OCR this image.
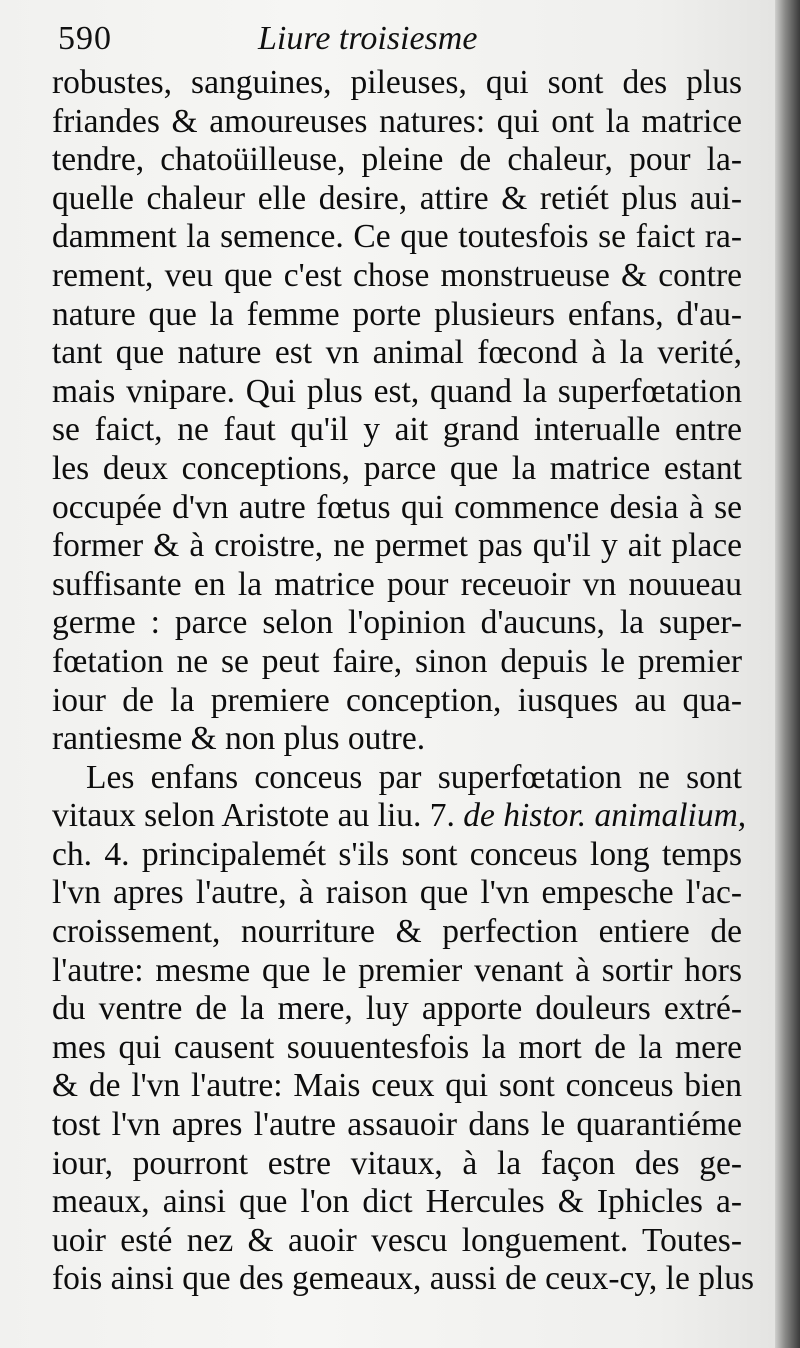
590	Liure troisiesme
robustes, sanguines, pileuses, qui sont des plus
friandes & amoureuses natures: qui ont la matrice
tendre, chatoüilleuse, pleine de chaleur, pour la-
quelle chaleur elle desire, attire & retiét plus aui-
damment la semence. Ce que toutesfois se faict ra-
rement, veu que c'est chose monstrueuse & contre
nature que la femme porte plusieurs enfans, d'au-
tant que nature est vn animal fœcond à la verité,
mais vnipare. Qui plus est, quand la superfœtation
se faict, ne faut qu'il y ait grand interualle entre
les deux conceptions, parce que la matrice estant
occupée d'vn autre fœtus qui commence desia à se
former & à croistre, ne permet pas qu'il y ait place
suffisante en la matrice pour receuoir vn nouueau
germe : parce selon l'opinion d'aucuns, la super-
fœtation ne se peut faire, sinon depuis le premier
iour de la premiere conception, iusques au qua-
rantiesme & non plus outre.
Les enfans conceus par superfœtation ne sont
vitaux selon Aristote au liu. 7. de histor. animalium,
ch. 4. principalemét s'ils sont conceus long temps
l'vn apres l'autre, à raison que l'vn empesche l'ac-
croissement, nourriture & perfection entiere de
l'autre: mesme que le premier venant à sortir hors
du ventre de la mere, luy apporte douleurs extré-
mes qui causent souuentesfois la mort de la mere
& de l'vn l'autre: Mais ceux qui sont conceus bien
tost l'vn apres l'autre assauoir dans le quarantiéme
iour, pourront estre vitaux, à la façon des ge-
meaux, ainsi que l'on dict Hercules & Iphicles a-
uoir esté nez & auoir vescu longuement. Toutes-
fois ainsi que des gemeaux, aussi de ceux-cy, le plus
